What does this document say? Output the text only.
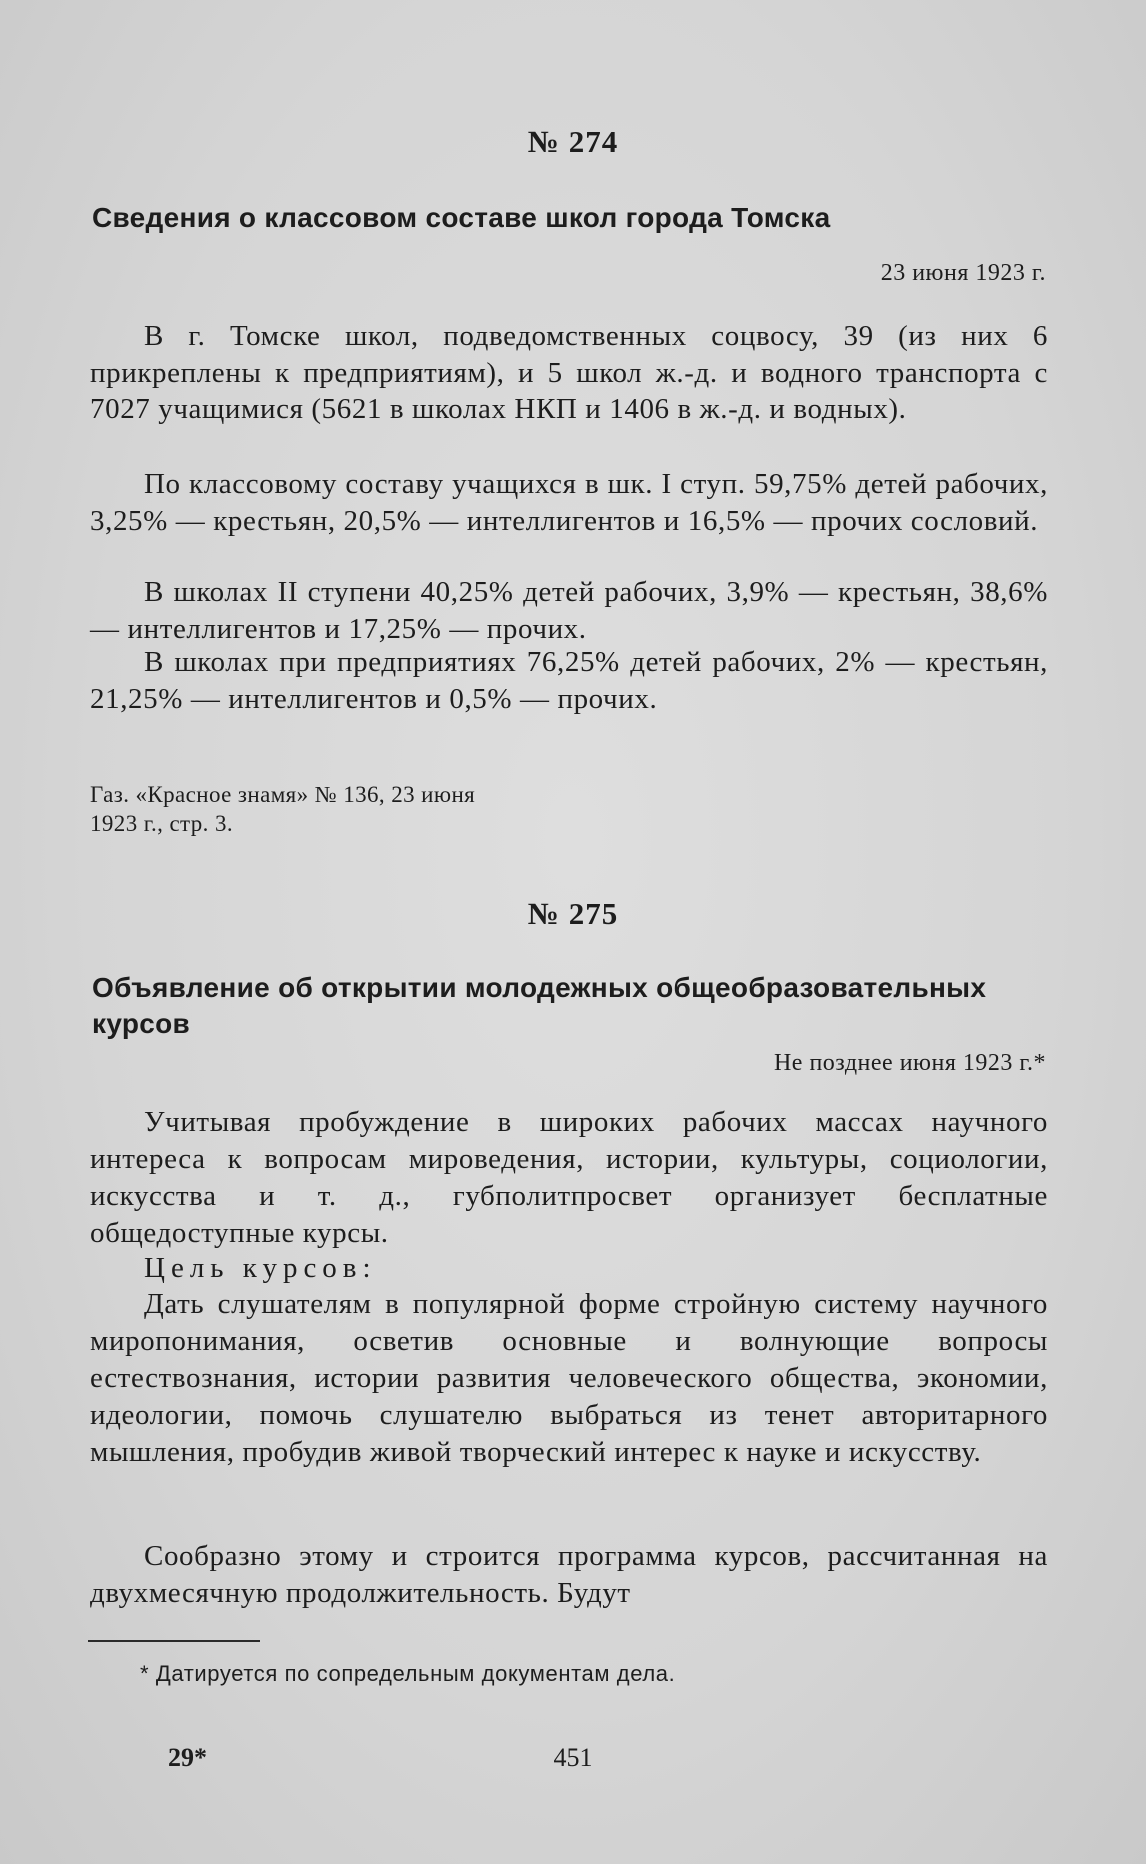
№ 274
Сведения о классовом составе школ города Томска
23 июня 1923 г.

В г. Томске школ, подведомственных соцвосу, 39 (из них 6 прикреплены к предприятиям), и 5 школ ж.-д. и водного транспорта с 7027 учащимися (5621 в школах НКП и 1406 в ж.-д. и водных).

По классовому составу учащихся в шк. I ступ. 59,75% детей рабочих, 3,25% — крестьян, 20,5% — интеллигентов и 16,5% — прочих сословий.

В школах II ступени 40,25% детей рабочих, 3,9% — крестьян, 38,6% — интеллигентов и 17,25% — прочих.

В школах при предприятиях 76,25% детей рабочих, 2% — крестьян, 21,25% — интеллигентов и 0,5% — прочих.

Газ. «Красное знамя» № 136, 23 июня
1923 г., стр. 3.
№ 275
Объявление об открытии молодежных общеобразовательных курсов
Не позднее июня 1923 г.*

Учитывая пробуждение в широких рабочих массах научного интереса к вопросам мироведения, истории, культуры, социологии, искусства и т. д., губполитпросвет организует бесплатные общедоступные курсы.

Цель курсов:

Дать слушателям в популярной форме стройную систему научного миропонимания, осветив основные и волнующие вопросы естествознания, истории развития человеческого общества, экономии, идеологии, помочь слушателю выбраться из тенет авторитарного мышления, пробудив живой творческий интерес к науке и искусству.

Сообразно этому и строится программа курсов, рассчитанная на двухмесячную продолжительность. Будут

* Датируется по сопредельным документам дела.
29*	451
